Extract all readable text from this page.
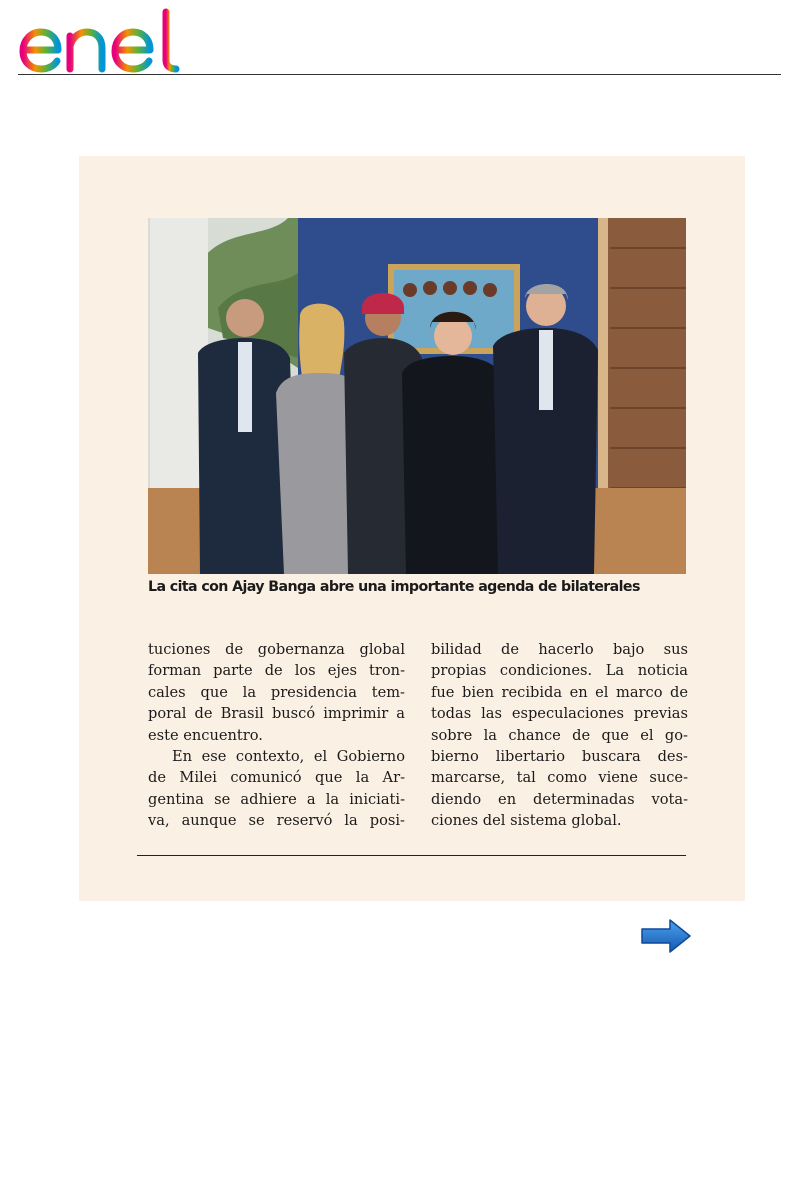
La cita con Ajay Banga abre una importante agenda de bilaterales
tuciones de gobernanza global
forman parte de los ejes tron-
cales que la presidencia tem-
poral de Brasil buscó imprimir a
este encuentro.
En ese contexto, el Gobierno
de Milei comunicó que la Ar-
gentina se adhiere a la iniciati-
va, aunque se reservó la posi-
bilidad de hacerlo bajo sus
propias condiciones. La noticia
fue bien recibida en el marco de
todas las especulaciones previas
sobre la chance de que el go-
bierno libertario buscara des-
marcarse, tal como viene suce-
diendo en determinadas vota-
ciones del sistema global.
